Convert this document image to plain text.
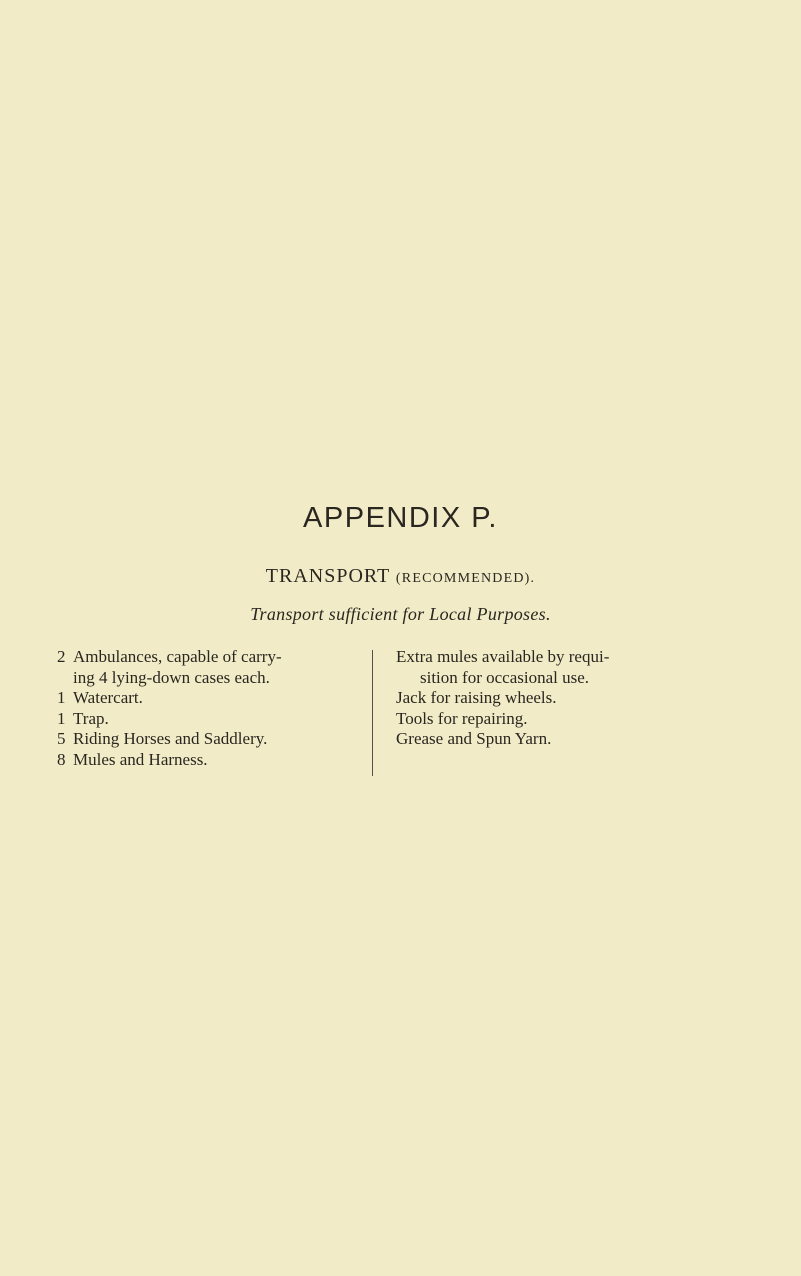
APPENDIX P.
TRANSPORT (RECOMMENDED).
Transport sufficient for Local Purposes.
2 Ambulances, capable of carry-
ing 4 lying-down cases each.
1 Watercart.
1 Trap.
5 Riding Horses and Saddlery.
8 Mules and Harness.
Extra mules available by requi-
sition for occasional use.
Jack for raising wheels.
Tools for repairing.
Grease and Spun Yarn.
